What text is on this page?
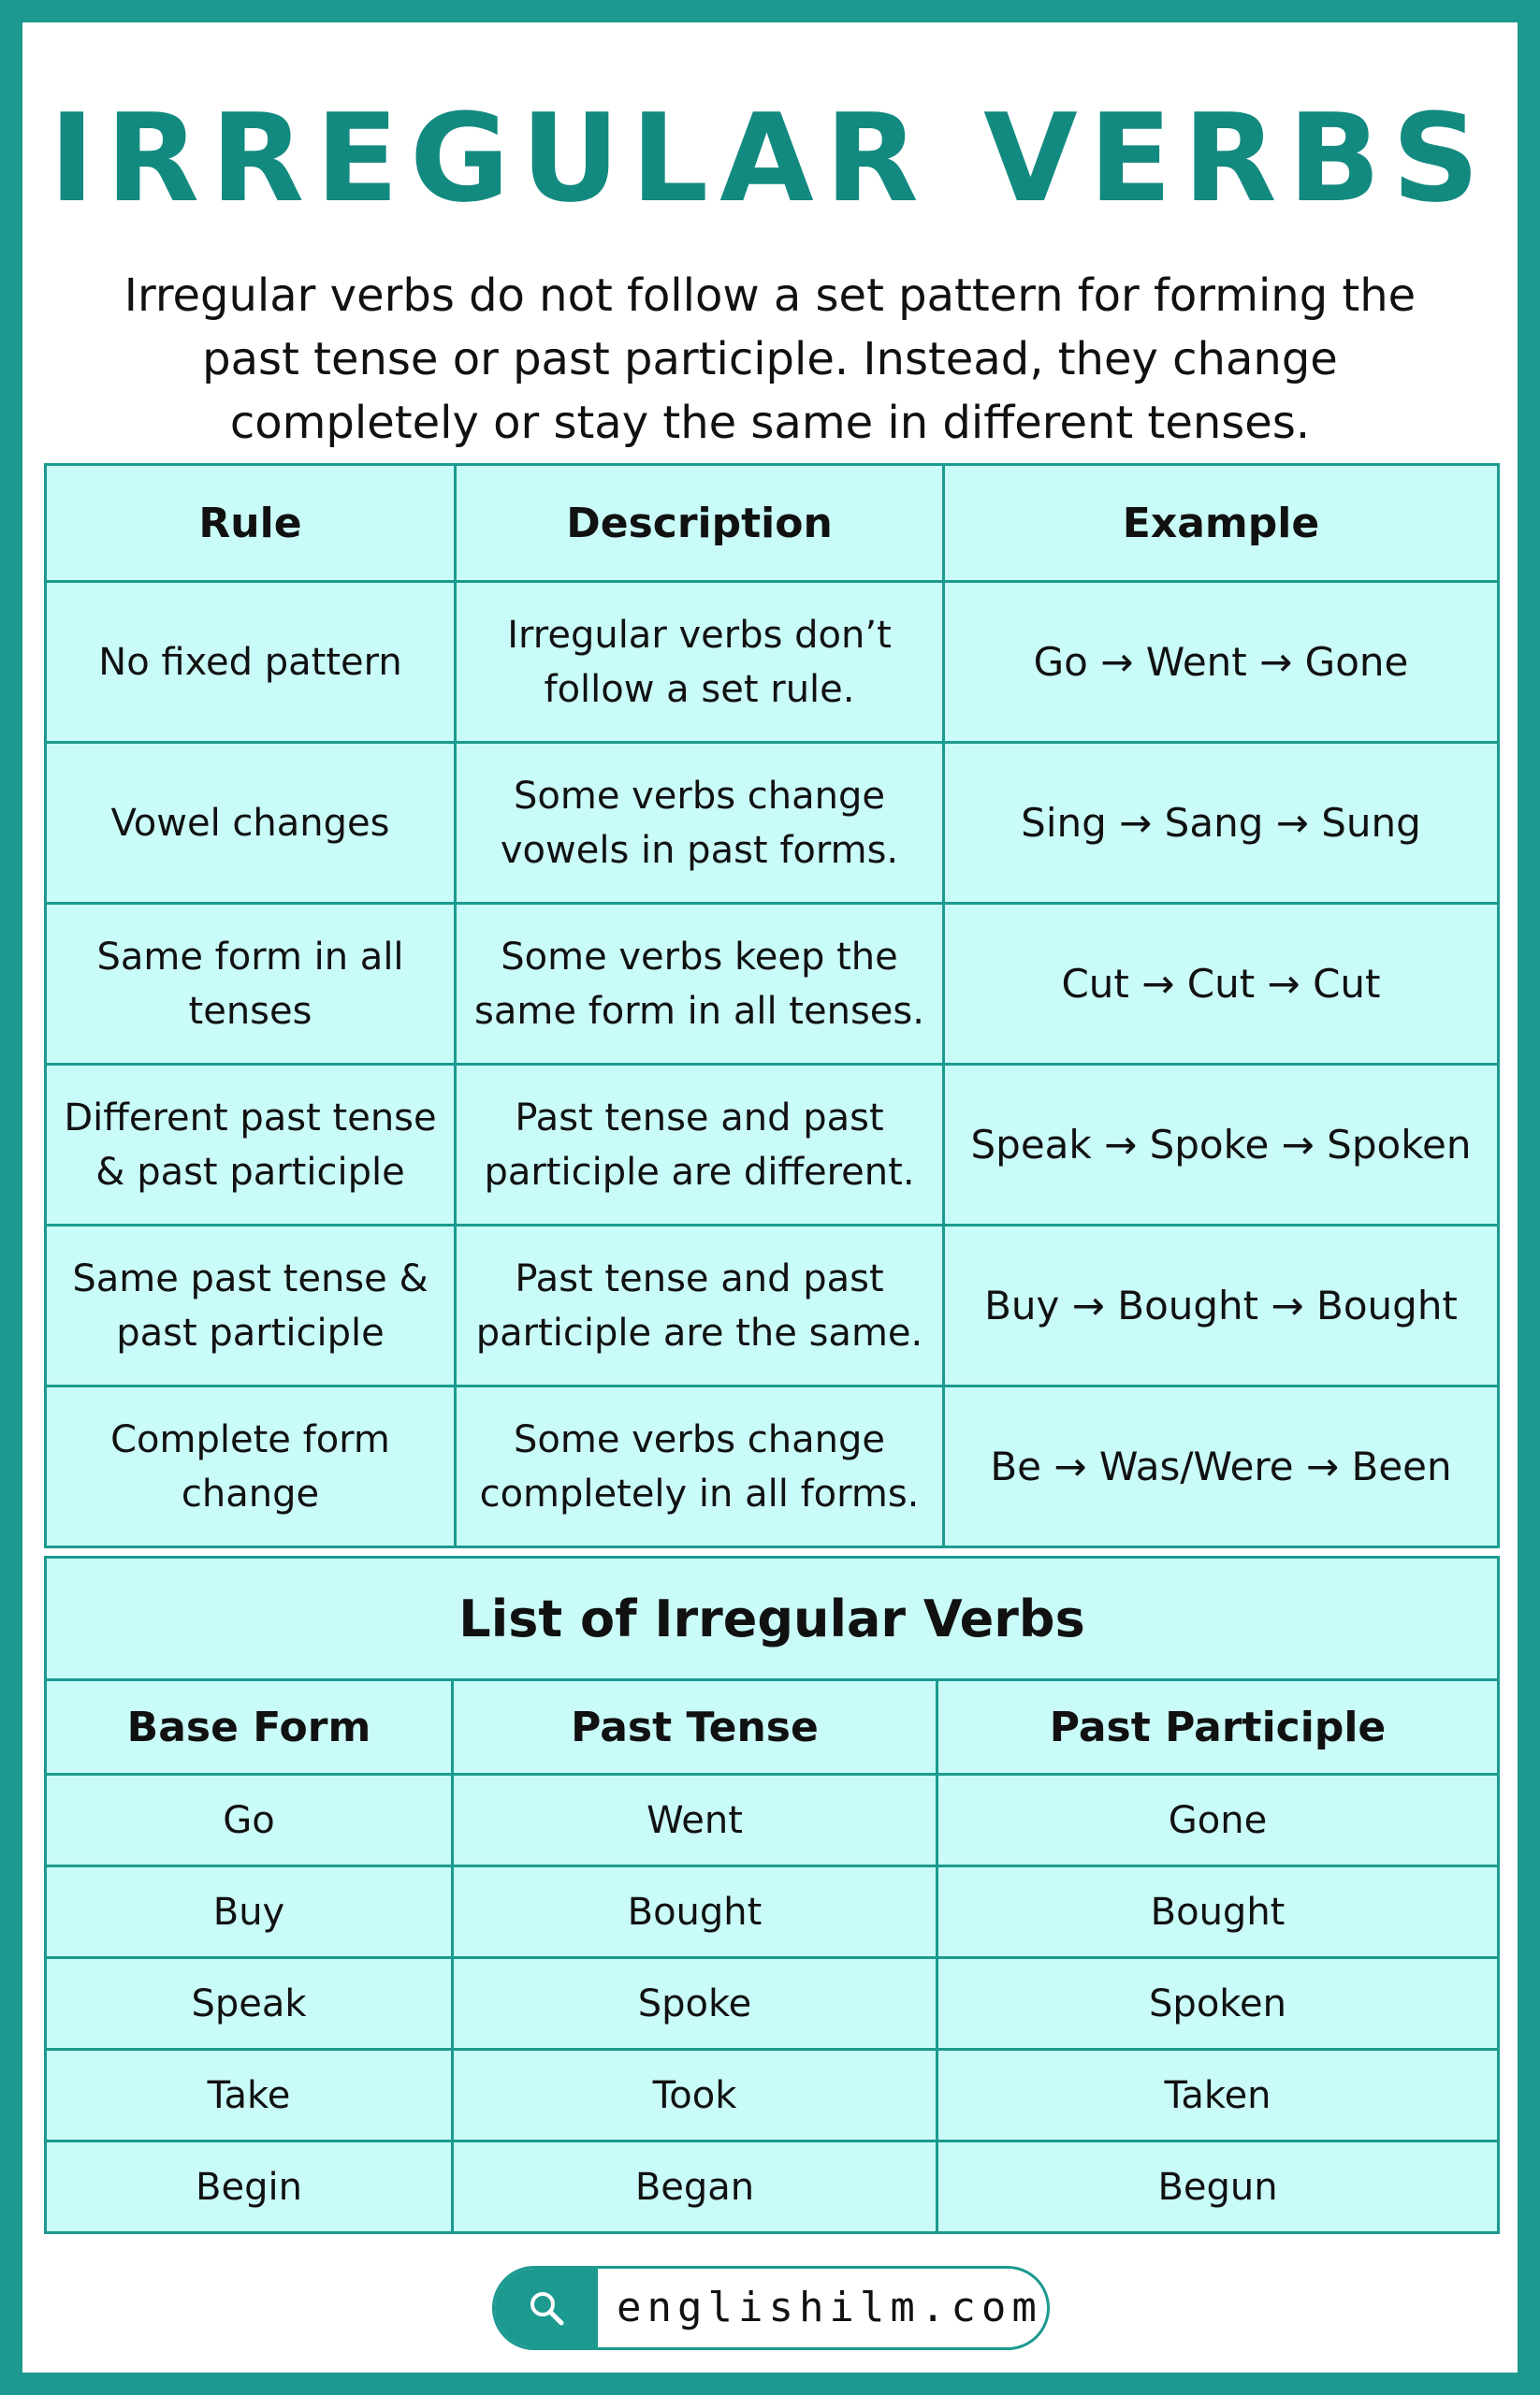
IRREGULAR VERBS
Irregular verbs do not follow a set pattern for forming the past tense or past participle. Instead, they change completely or stay the same in different tenses.
Rule	Description	Example
No fixed pattern	Irregular verbs don’t follow a set rule.	Go → Went → Gone
Vowel changes	Some verbs change vowels in past forms.	Sing → Sang → Sung
Same form in all tenses	Some verbs keep the same form in all tenses.	Cut → Cut → Cut
Different past tense & past participle	Past tense and past participle are different.	Speak → Spoke → Spoken
Same past tense & past participle	Past tense and past participle are the same.	Buy → Bought → Bought
Complete form change	Some verbs change completely in all forms.	Be → Was/Were → Been
List of Irregular Verbs		
Base Form	Past Tense	Past Participle
Go	Went	Gone
Buy	Bought	Bought
Speak	Spoke	Spoken
Take	Took	Taken
Begin	Began	Begun
englishilm.com
